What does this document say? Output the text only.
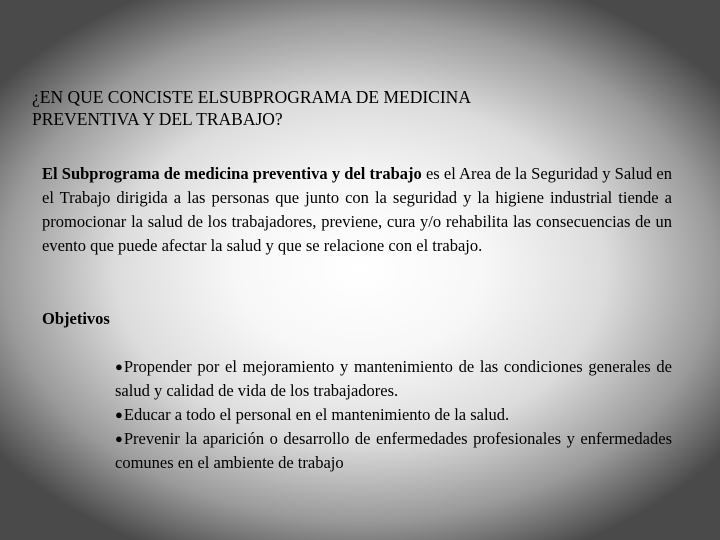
¿EN QUE CONCISTE ELSUBPROGRAMA DE MEDICINA
PREVENTIVA Y DEL TRABAJO?

El Subprograma de medicina preventiva y del trabajo es el Area de la Seguridad y Salud en el Trabajo dirigida a las personas que junto con la seguridad y la higiene industrial tiende a promocionar la salud de los trabajadores, previene, cura y/o rehabilita las consecuencias de un evento que puede afectar la salud y que se relacione con el trabajo.

Objetivos

●Propender por el mejoramiento y mantenimiento de las condiciones generales de salud y calidad de vida de los trabajadores.
●Educar a todo el personal en el mantenimiento de la salud.
●Prevenir la aparición o desarrollo de enfermedades profesionales y enfermedades comunes en el ambiente de trabajo
